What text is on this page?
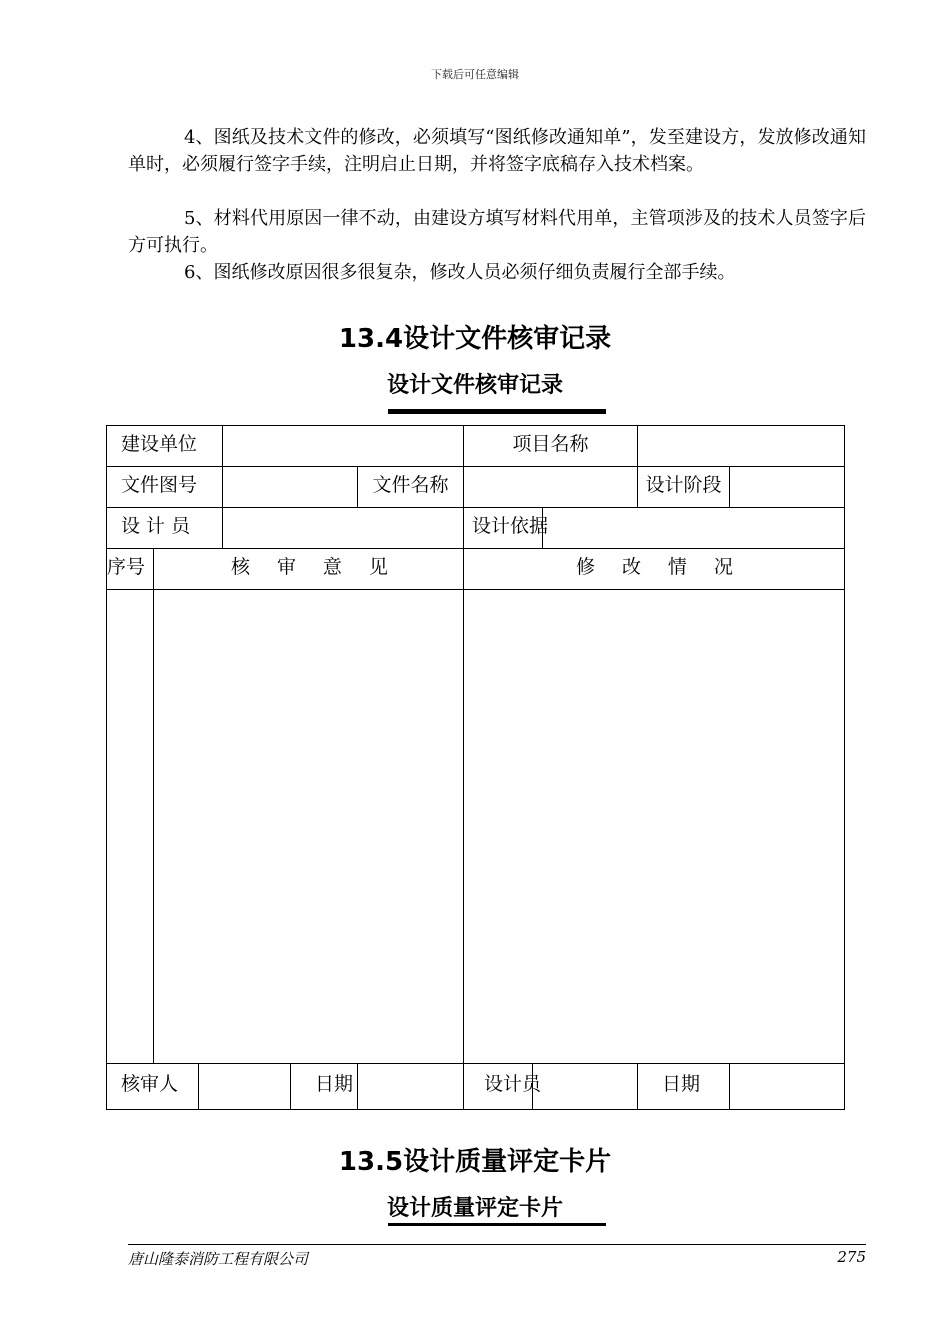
下载后可任意编辑

4、图纸及技术文件的修改，必须填写“图纸修改通知单”，发至建设方，发放修改通知单时，必须履行签字手续，注明启止日期，并将签字底稿存入技术档案。

5、材料代用原因一律不动，由建设方填写材料代用单，主管项涉及的技术人员签字后方可执行。

6、图纸修改原因很多很复杂，修改人员必须仔细负责履行全部手续。

13.4设计文件核审记录
设计文件核审记录
建设单位						项目名称				
文件图号					文件名称				设计阶段	
设 计 员						设计依据				
序号	核 审 意 见					修 改 情 况				

核审人				日期		设计员			日期	
13.5设计质量评定卡片
设计质量评定卡片
唐山隆泰消防工程有限公司	275
